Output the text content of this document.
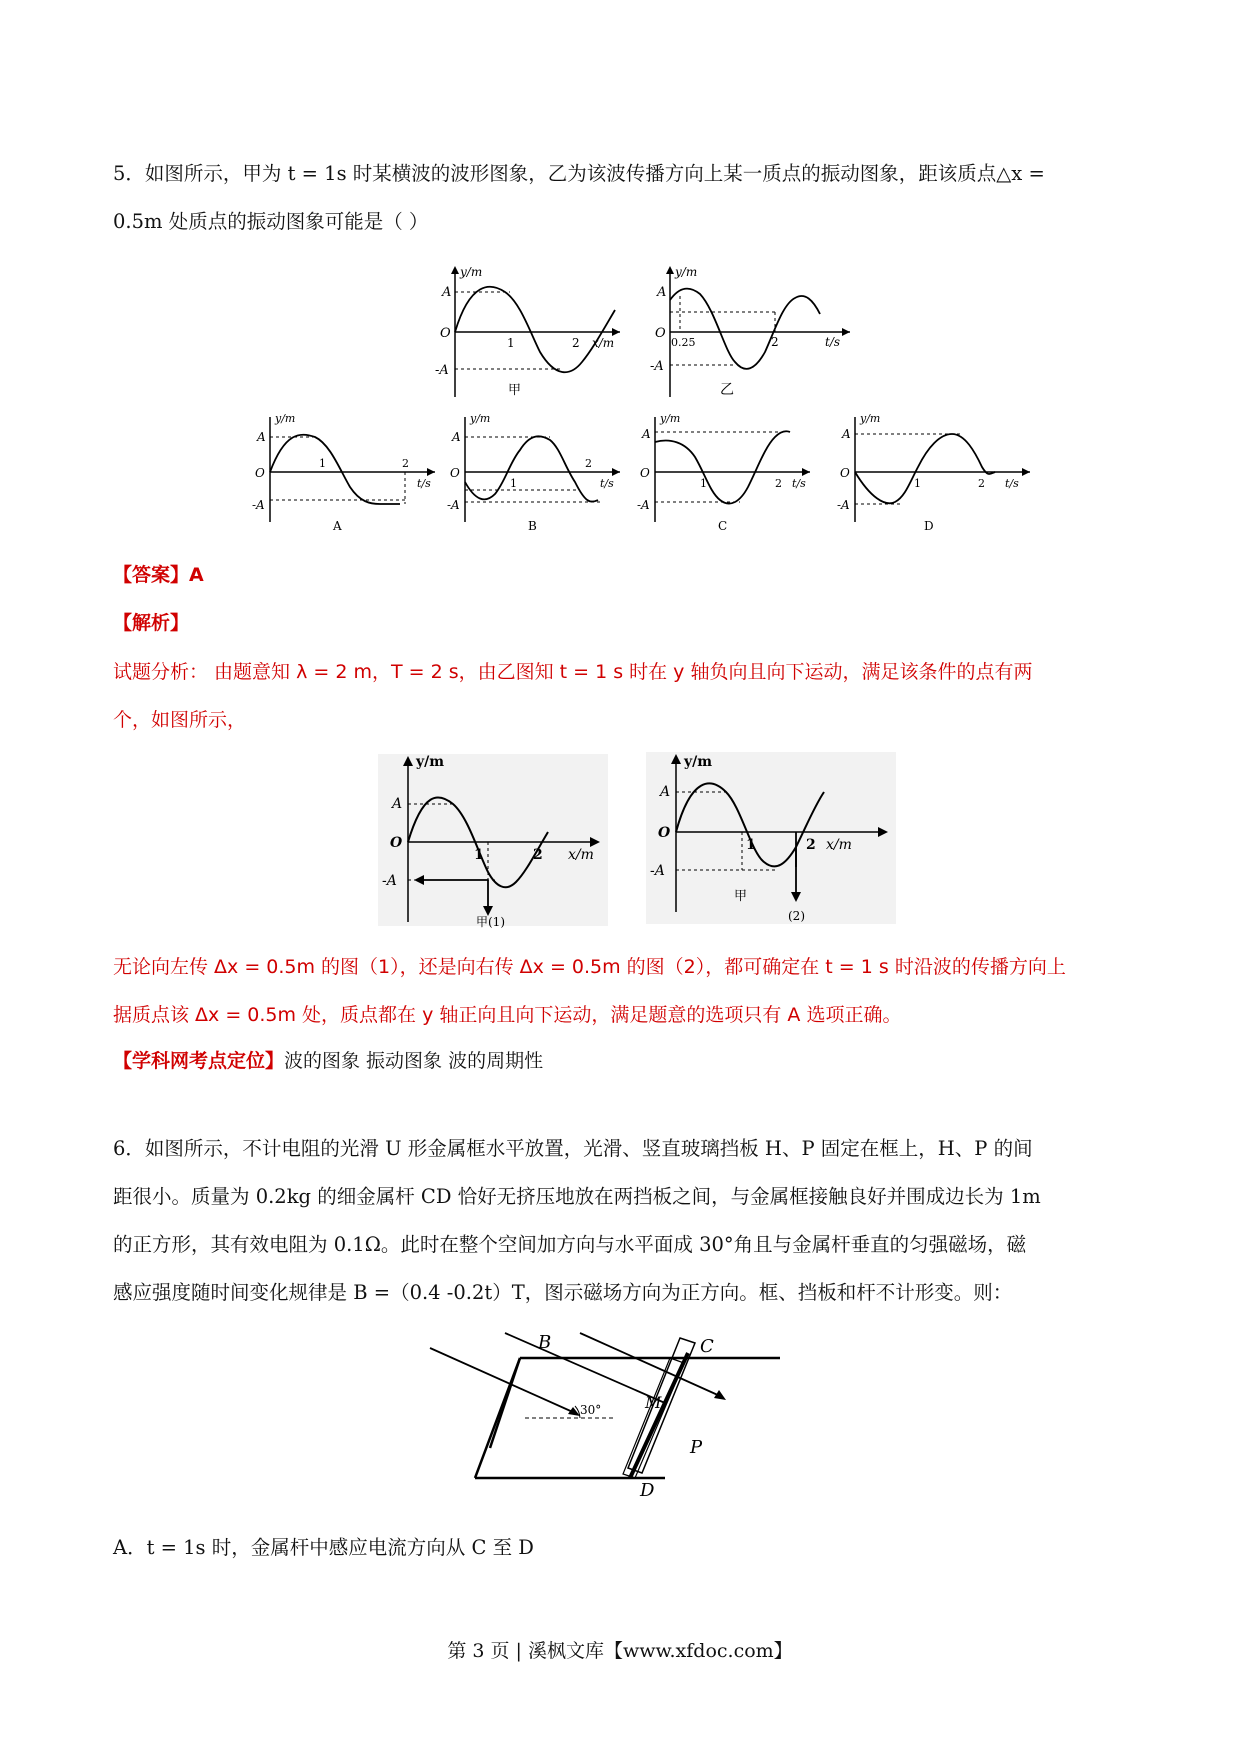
5．如图所示，甲为 t = 1s 时某横波的波形图象，乙为该波传播方向上某一质点的振动图象，距该质点△x =
0.5m 处质点的振动图象可能是（ ）
y/m
A
O
-A
1	2 x/m
甲
y/m
A
O
-A
0.25	2	t/s
乙
y/m
A
O
-A
1	2
t/s
A
y/m
A
O
-A
1
2
t/s
B
y/m
A
O
-A
1	2 t/s
C
y/m
A
O
-A
1	2 t/s
D
【答案】A
【解析】
试题分析： 由题意知 λ = 2 m，T = 2 s，由乙图知 t = 1 s 时在 y 轴负向且向下运动，满足该条件的点有两
个，如图所示，
y/m
A
O
-A
1	2 x/m
甲(1)
y/m
A
O
-A
1	2 x/m
甲
(2)
无论向左传 Δx = 0.5m 的图（1），还是向右传 Δx = 0.5m 的图（2），都可确定在 t = 1 s 时沿波的传播方向上
据质点该 Δx = 0.5m 处，质点都在 y 轴正向且向下运动，满足题意的选项只有 A 选项正确。
【学科网考点定位】波的图象 振动图象 波的周期性
6．如图所示，不计电阻的光滑 U 形金属框水平放置，光滑、竖直玻璃挡板 H、P 固定在框上，H、P 的间
距很小。质量为 0.2kg 的细金属杆 CD 恰好无挤压地放在两挡板之间，与金属框接触良好并围成边长为 1m
的正方形，其有效电阻为 0.1Ω。此时在整个空间加方向与水平面成 30°角且与金属杆垂直的匀强磁场，磁
感应强度随时间变化规律是 B =（0.4 -0.2t）T，图示磁场方向为正方向。框、挡板和杆不计形变。则：
B	C
30°	M
P
D
A．t = 1s 时，金属杆中感应电流方向从 C 至 D
第 3 页 | 溪枫文库【www.xfdoc.com】
